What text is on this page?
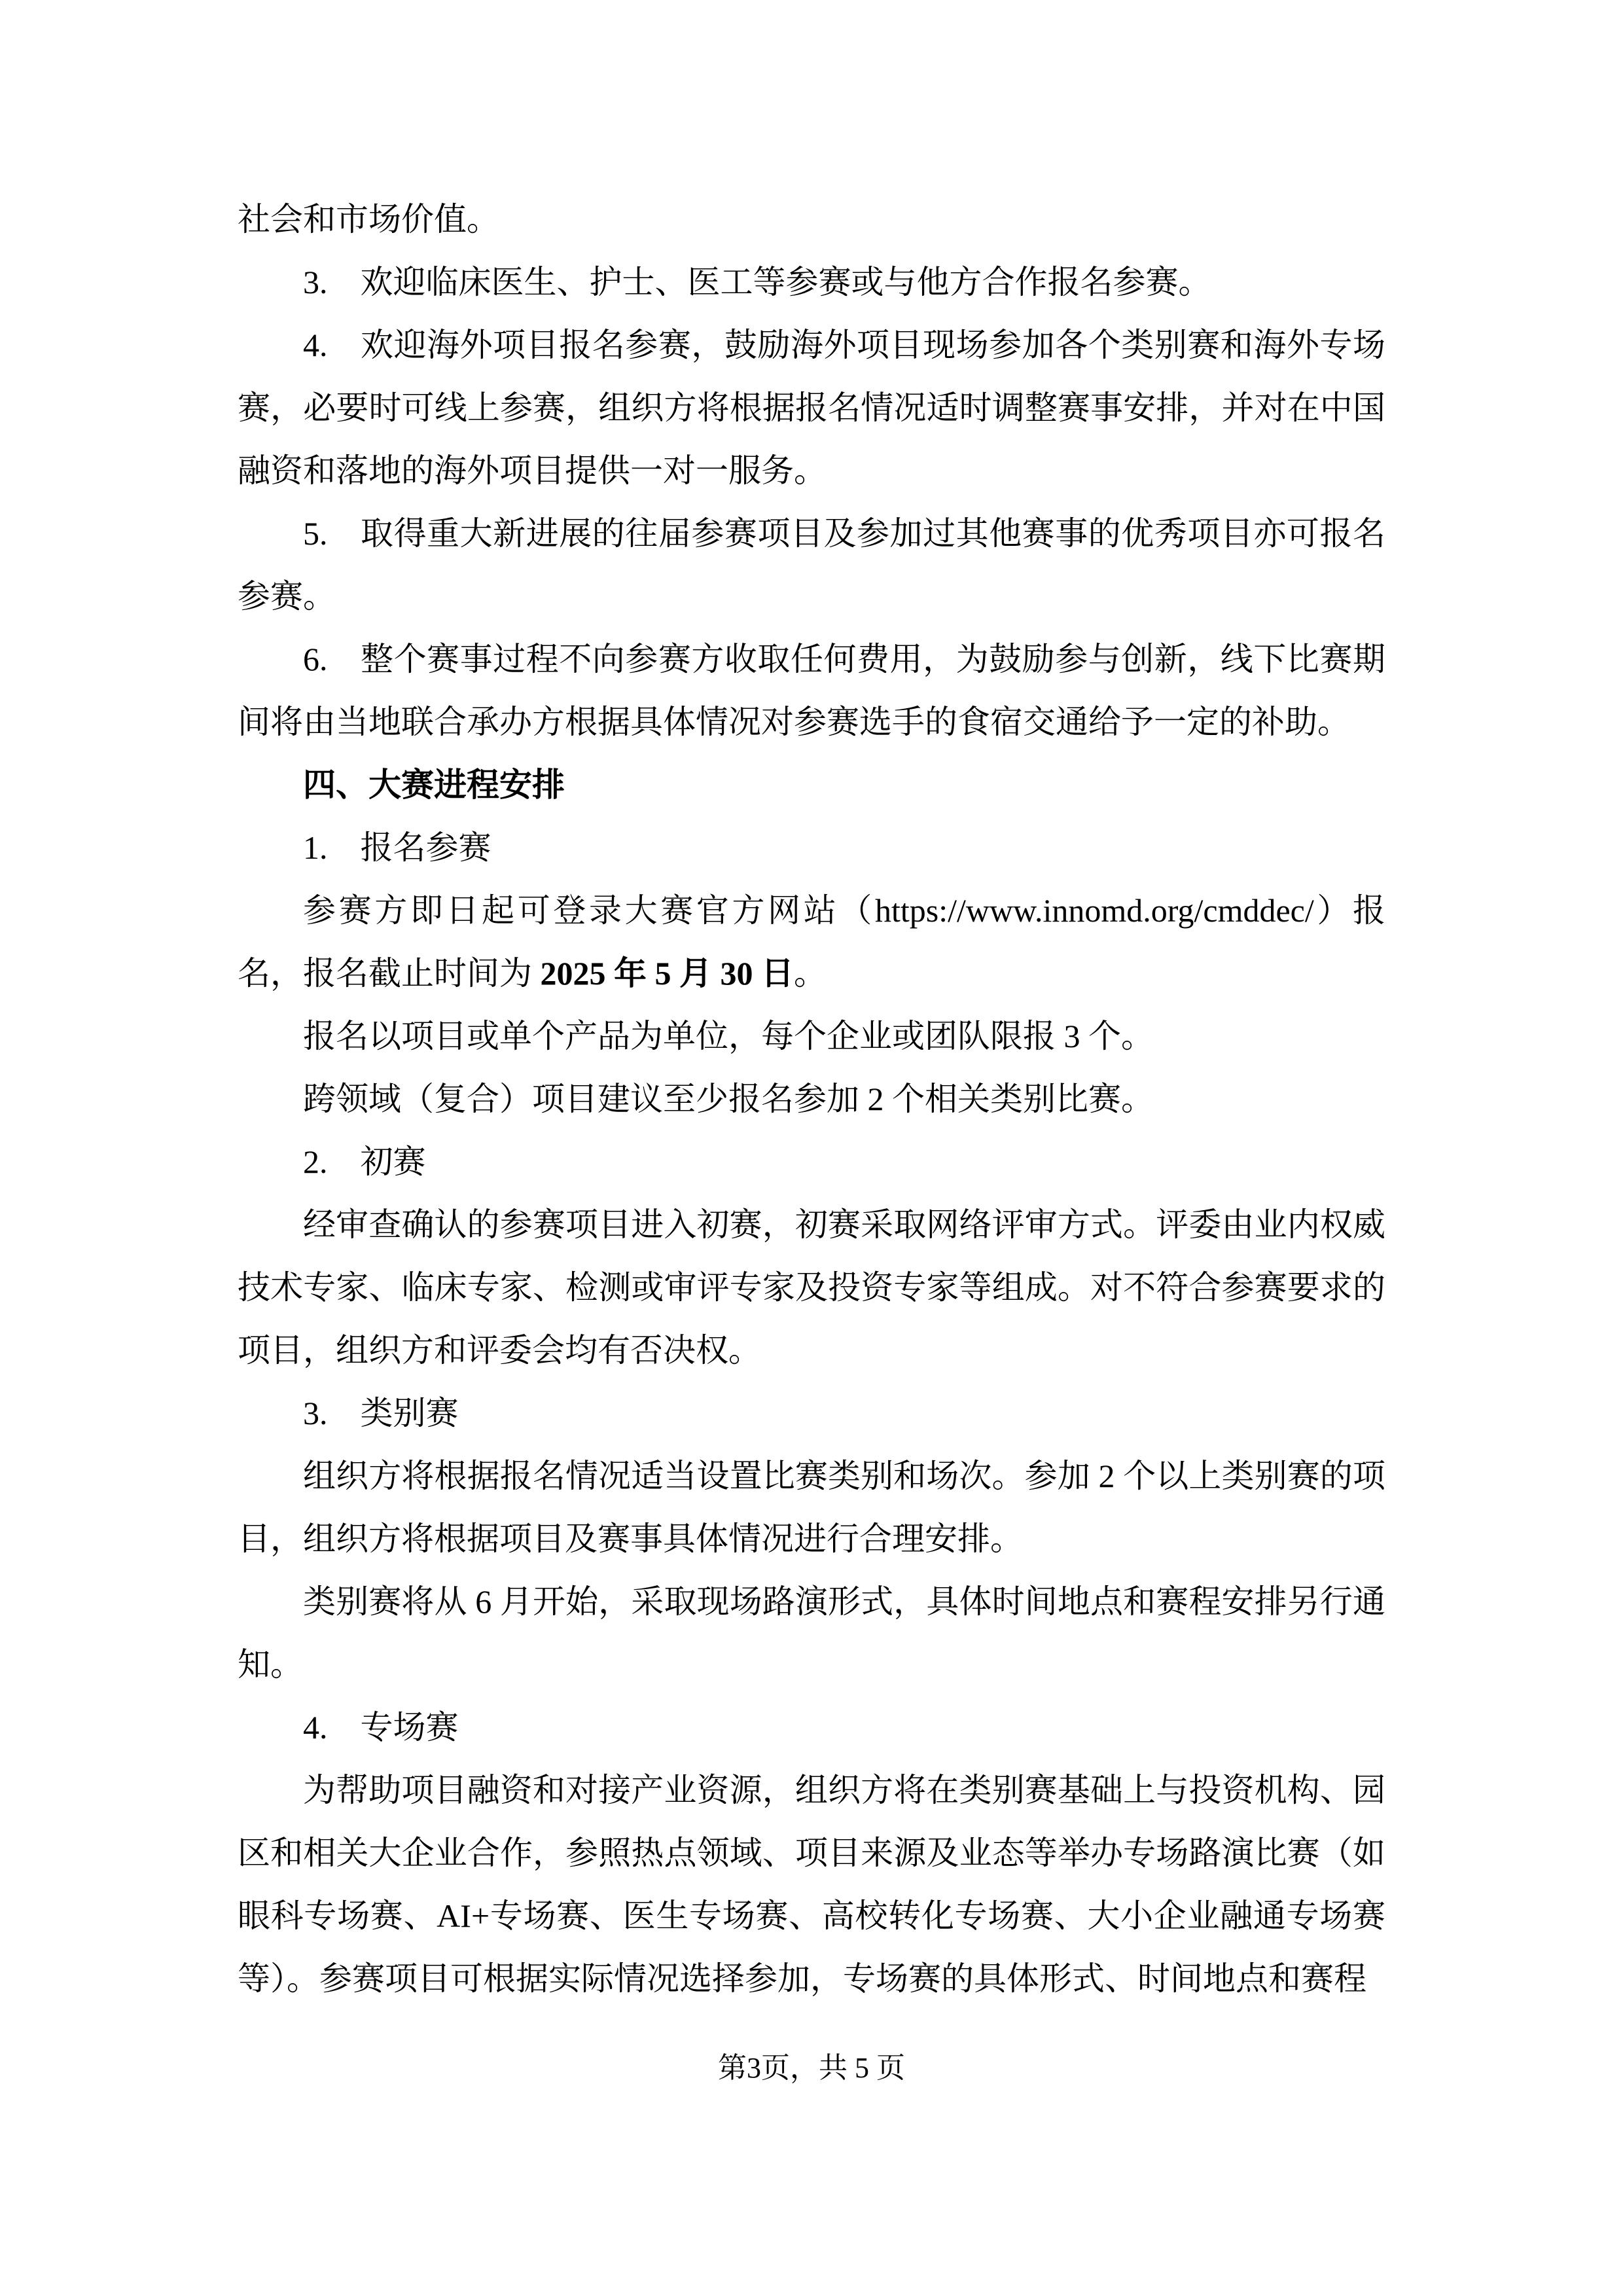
社会和市场价值。

3.  欢迎临床医生、护士、医工等参赛或与他方合作报名参赛。

4.  欢迎海外项目报名参赛，鼓励海外项目现场参加各个类别赛和海外专场赛，必要时可线上参赛，组织方将根据报名情况适时调整赛事安排，并对在中国融资和落地的海外项目提供一对一服务。

5.  取得重大新进展的往届参赛项目及参加过其他赛事的优秀项目亦可报名参赛。

6.  整个赛事过程不向参赛方收取任何费用，为鼓励参与创新，线下比赛期间将由当地联合承办方根据具体情况对参赛选手的食宿交通给予一定的补助。

四、大赛进程安排

1.  报名参赛

参赛方即日起可登录大赛官方网站（https://www.innomd.org/cmddec/）报名，报名截止时间为 2025 年 5 月 30 日。

报名以项目或单个产品为单位，每个企业或团队限报 3 个。

跨领域（复合）项目建议至少报名参加 2 个相关类别比赛。

2.  初赛

经审查确认的参赛项目进入初赛，初赛采取网络评审方式。评委由业内权威技术专家、临床专家、检测或审评专家及投资专家等组成。对不符合参赛要求的项目，组织方和评委会均有否决权。

3.  类别赛

组织方将根据报名情况适当设置比赛类别和场次。参加 2 个以上类别赛的项目，组织方将根据项目及赛事具体情况进行合理安排。

类别赛将从 6 月开始，采取现场路演形式，具体时间地点和赛程安排另行通知。

4.  专场赛

为帮助项目融资和对接产业资源，组织方将在类别赛基础上与投资机构、园区和相关大企业合作，参照热点领域、项目来源及业态等举办专场路演比赛（如眼科专场赛、AI+专场赛、医生专场赛、高校转化专场赛、大小企业融通专场赛等）。参赛项目可根据实际情况选择参加，专场赛的具体形式、时间地点和赛程

第3页，共 5 页
